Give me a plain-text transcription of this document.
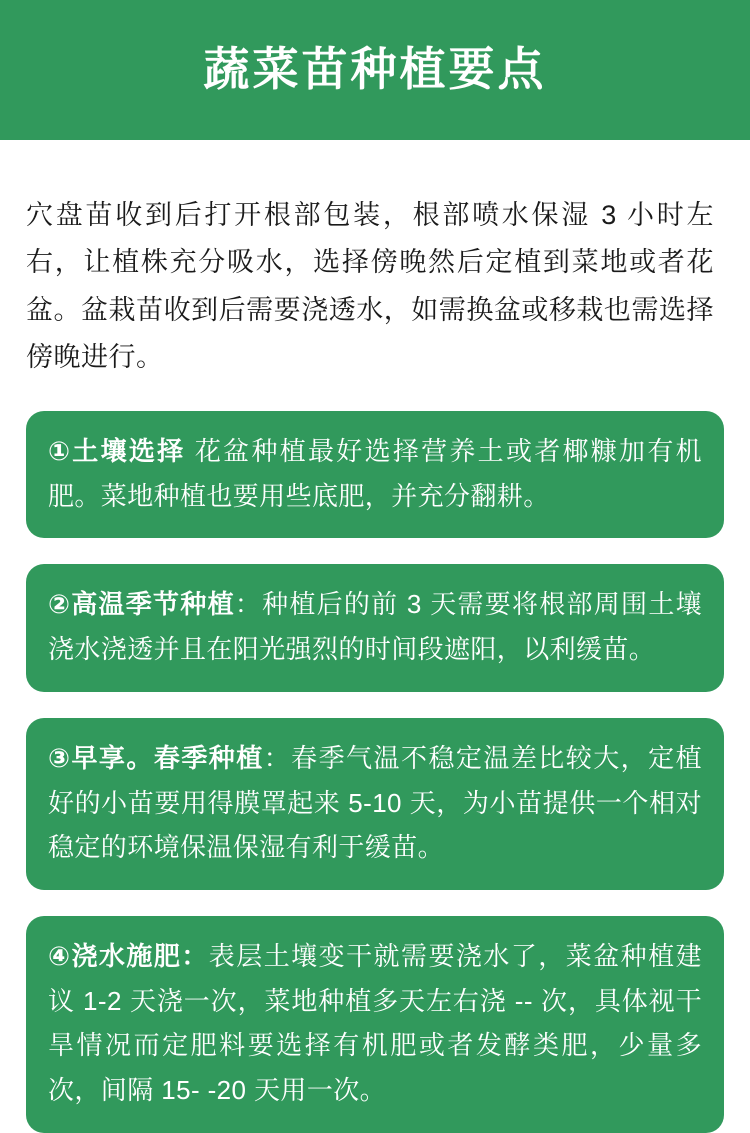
蔬菜苗种植要点

穴盘苗收到后打开根部包装，根部喷水保湿 3 小时左右，让植株充分吸水，选择傍晚然后定植到菜地或者花盆。盆栽苗收到后需要浇透水，如需换盆或移栽也需选择傍晚进行。

①土壤选择 花盆种植最好选择营养土或者椰糠加有机肥。菜地种植也要用些底肥，并充分翻耕。
②高温季节种植：种植后的前 3 天需要将根部周围土壤浇水浇透并且在阳光强烈的时间段遮阳，以利缓苗。
③早享。春季种植：春季气温不稳定温差比较大，定植好的小苗要用得膜罩起来 5-10 天，为小苗提供一个相对稳定的环境保温保湿有利于缓苗。
④浇水施肥：表层土壤变干就需要浇水了，菜盆种植建议 1-2 天浇一次，菜地种植多天左右浇 -- 次，具体视干旱情况而定肥料要选择有机肥或者发酵类肥，少量多次，间隔 15- -20 天用一次。
